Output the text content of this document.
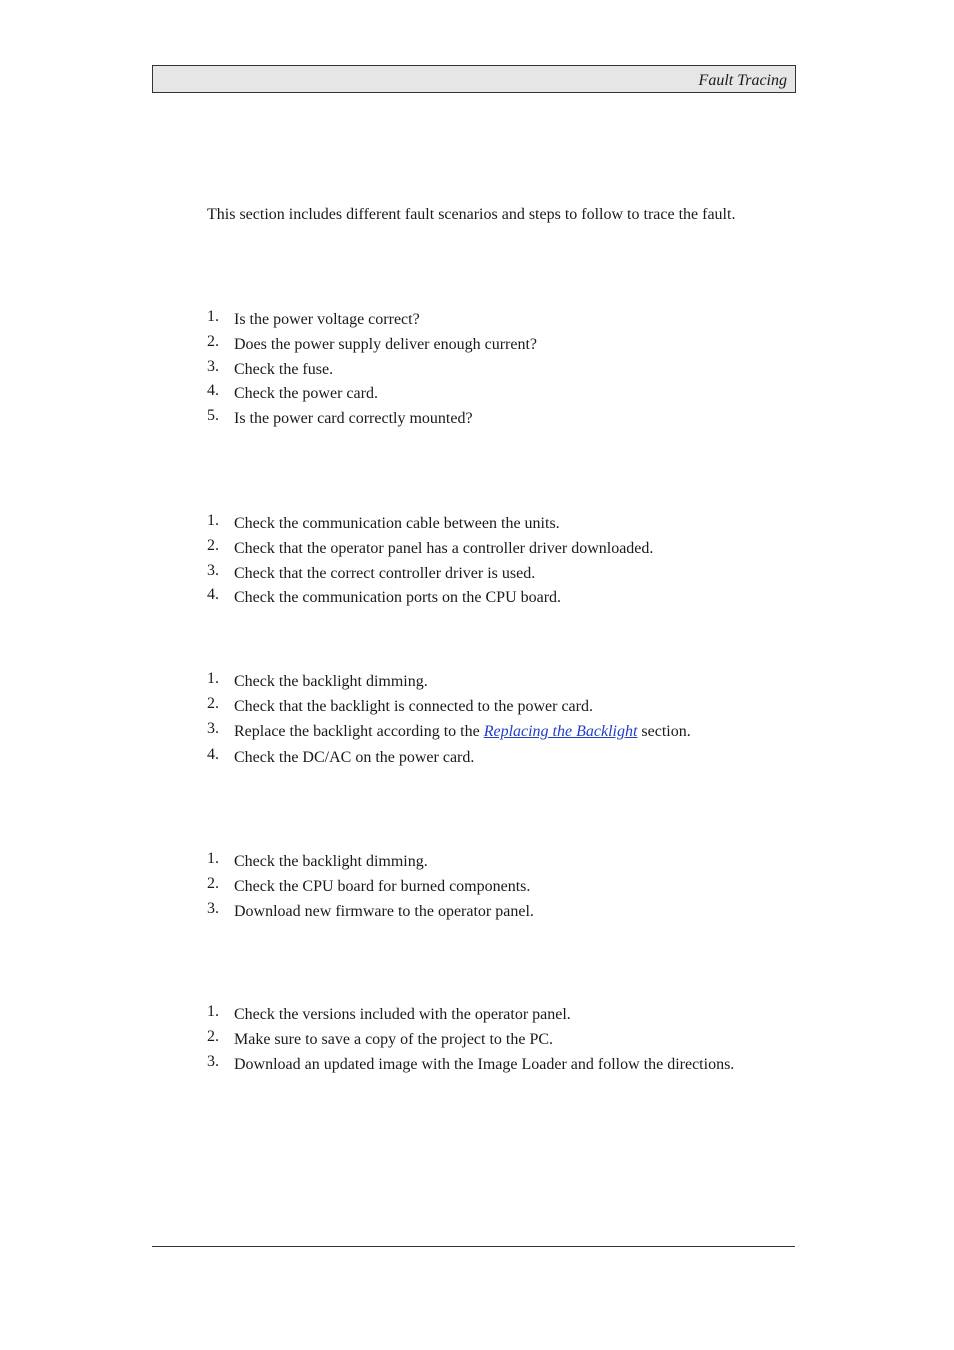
Fault Tracing

This section includes different fault scenarios and steps to follow to trace the fault.

1. Is the power voltage correct?
2. Does the power supply deliver enough current?
3. Check the fuse.
4. Check the power card.
5. Is the power card correctly mounted?
1. Check the communication cable between the units.
2. Check that the operator panel has a controller driver downloaded.
3. Check that the correct controller driver is used.
4. Check the communication ports on the CPU board.
1. Check the backlight dimming.
2. Check that the backlight is connected to the power card.
3. Replace the backlight according to the Replacing the Backlight section.
4. Check the DC/AC on the power card.
1. Check the backlight dimming.
2. Check the CPU board for burned components.
3. Download new firmware to the operator panel.
1. Check the versions included with the operator panel.
2. Make sure to save a copy of the project to the PC.
3. Download an updated image with the Image Loader and follow the directions.
